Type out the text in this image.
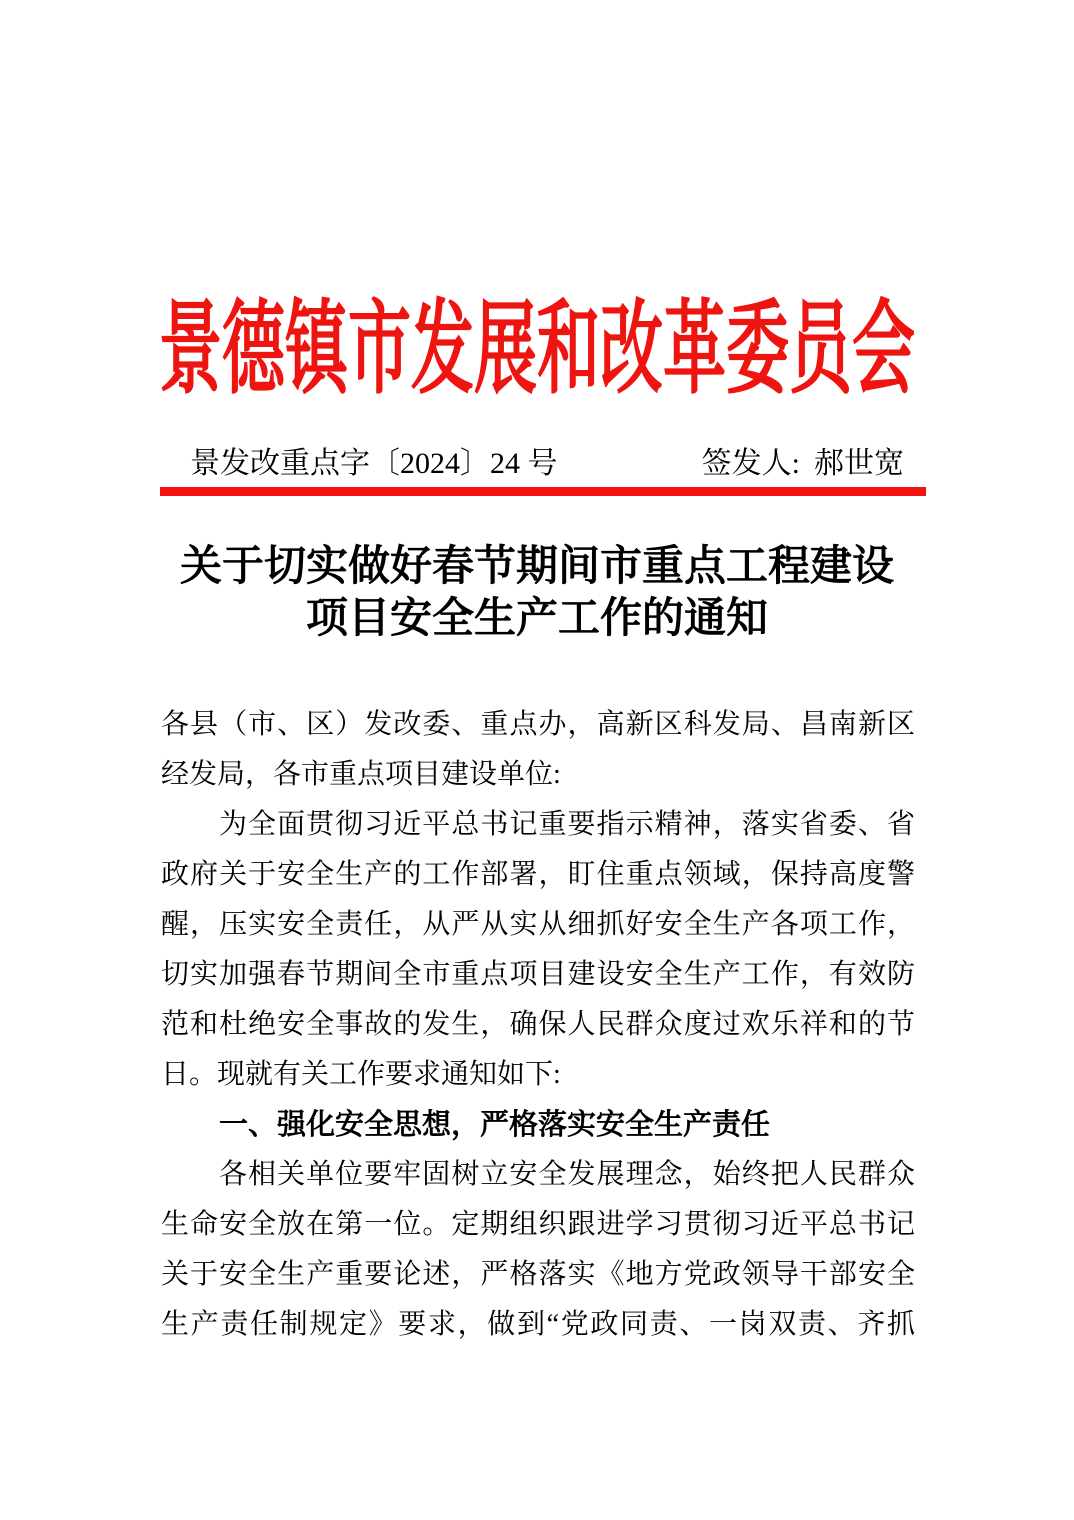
景德镇市发展和改革委员会
景发改重点字〔2024〕24 号	签发人: 郝世宽
关于切实做好春节期间市重点工程建设
项目安全生产工作的通知
各县（市、区）发改委、重点办，高新区科发局、昌南新区
经发局，各市重点项目建设单位:
为全面贯彻习近平总书记重要指示精神，落实省委、省
政府关于安全生产的工作部署，盯住重点领域，保持高度警
醒，压实安全责任，从严从实从细抓好安全生产各项工作，
切实加强春节期间全市重点项目建设安全生产工作，有效防
范和杜绝安全事故的发生，确保人民群众度过欢乐祥和的节
日。现就有关工作要求通知如下:
一、强化安全思想，严格落实安全生产责任
各相关单位要牢固树立安全发展理念，始终把人民群众
生命安全放在第一位。定期组织跟进学习贯彻习近平总书记
关于安全生产重要论述，严格落实《地方党政领导干部安全
生产责任制规定》要求，做到“党政同责、一岗双责、齐抓
